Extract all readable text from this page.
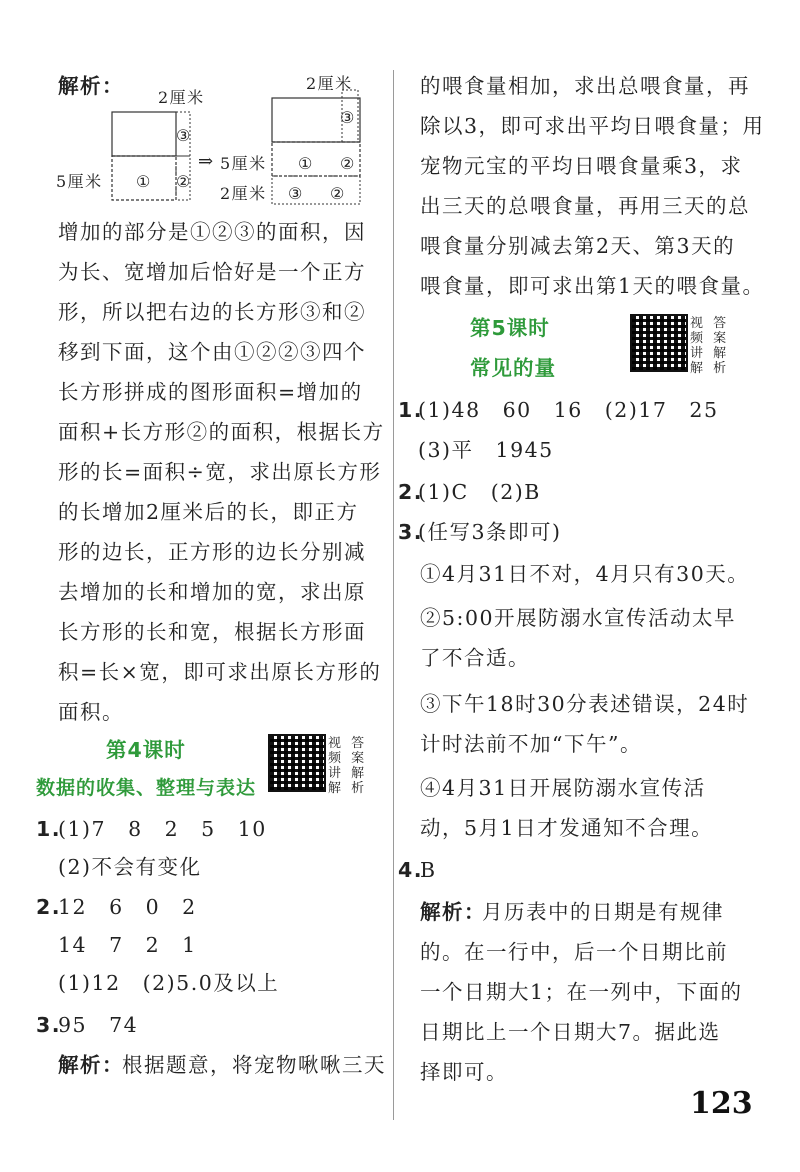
解析： 2厘米
5厘米
2厘米
5厘米
2厘米
⇒
①
③
②
①
③
②
③ ②
增加的部分是①②③的面积，因
为长、宽增加后恰好是一个正方
形，所以把右边的长方形③和②
移到下面，这个由①②②③四个
长方形拼成的图形面积=增加的
面积+长方形②的面积，根据长方
形的长=面积÷宽，求出原长方形
的长增加2厘米后的长，即正方
形的边长，正方形的边长分别减
去增加的长和增加的宽，求出原
长方形的长和宽，根据长方形面
积=长×宽，即可求出原长方形的
面积。
第4课时
数据的收集、整理与表达
视 答
频 案
讲 解
解 析
1.
(1)7　8　2　5　10
(2)不会有变化
2.
12　6　0　2
14　7　2　1
(1)12　(2)5.0及以上
3.
95　74
解析：
根据题意，将宠物啾啾三天
的喂食量相加，求出总喂食量，再
除以3，即可求出平均日喂食量；用
宠物元宝的平均日喂食量乘3，求
出三天的总喂食量，再用三天的总
喂食量分别减去第2天、第3天的
喂食量，即可求出第1天的喂食量。
第5课时
常见的量
视 答
频 案
讲 解
解 析
1.
(1)48　60　16　(2)17　25
(3)平　1945
2.
(1)C　(2)B
3.
(任写3条即可)
①4月31日不对，4月只有30天。
②5:00开展防溺水宣传活动太早
了不合适。
③下午18时30分表述错误，24时
计时法前不加“下午”。
④4月31日开展防溺水宣传活
动，5月1日才发通知不合理。
4.
B
解析：
月历表中的日期是有规律
的。在一行中，后一个日期比前
一个日期大1；在一列中，下面的
日期比上一个日期大7。据此选
择即可。
123
